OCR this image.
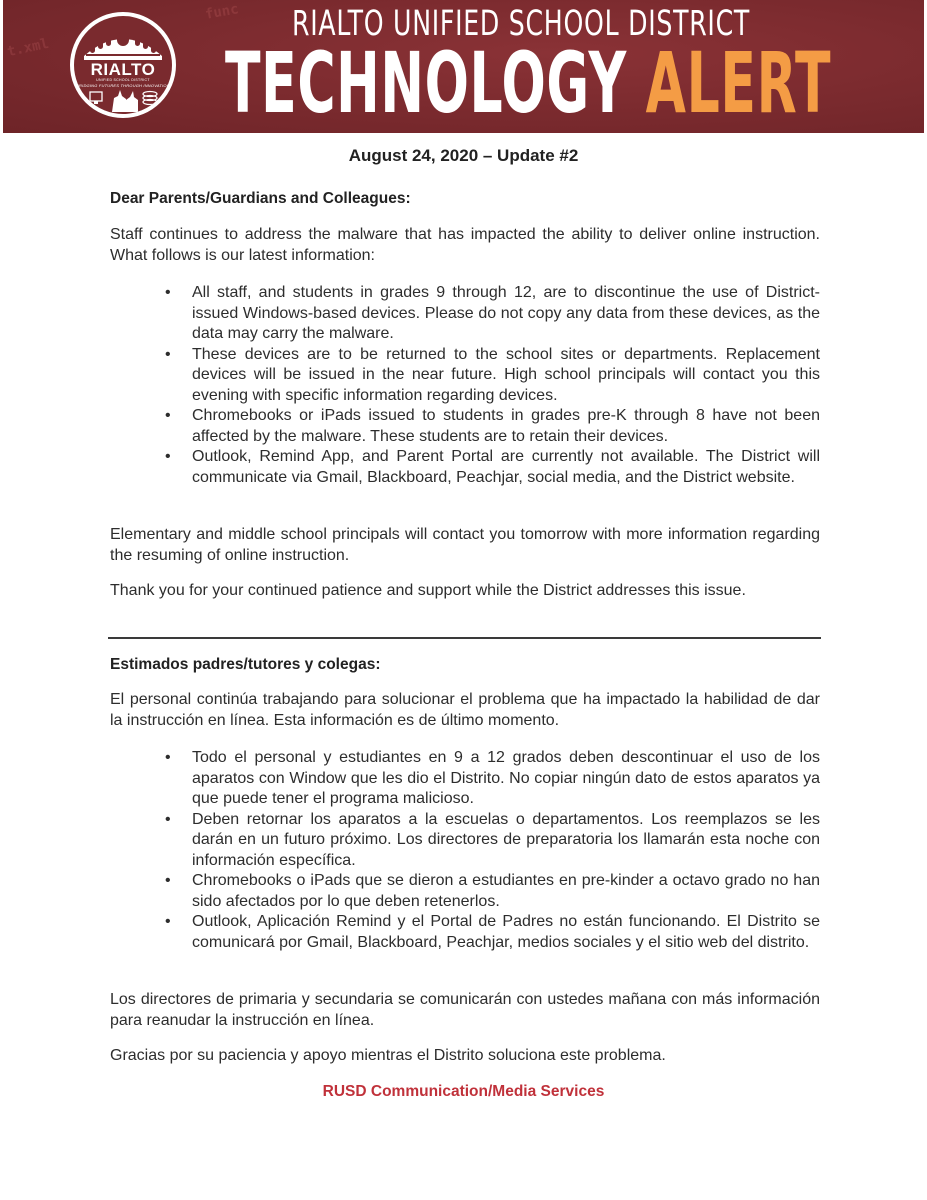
func
t.xml
RIALTO
UNIFIED SCHOOL DISTRICT
BRIDGING FUTURES THROUGH INNOVATION
RIALTO UNIFIED SCHOOL DISTRICT
TECHNOLOGY ALERT
August 24, 2020 – Update #2

Dear Parents/Guardians and Colleagues:

Staff continues to address the malware that has impacted the ability to deliver online instruction. What follows is our latest information:

• All staff, and students in grades 9 through 12, are to discontinue the use of District-issued Windows-based devices. Please do not copy any data from these devices, as the data may carry the malware.
• These devices are to be returned to the school sites or departments. Replacement devices will be issued in the near future. High school principals will contact you this evening with specific information regarding devices.
• Chromebooks or iPads issued to students in grades pre-K through 8 have not been affected by the malware. These students are to retain their devices.
• Outlook, Remind App, and Parent Portal are currently not available. The District will communicate via Gmail, Blackboard, Peachjar, social media, and the District website.

Elementary and middle school principals will contact you tomorrow with more information regarding the resuming of online instruction.

Thank you for your continued patience and support while the District addresses this issue.

Estimados padres/tutores y colegas:

El personal continúa trabajando para solucionar el problema que ha impactado la habilidad de dar la instrucción en línea. Esta información es de último momento.

• Todo el personal y estudiantes en 9 a 12 grados deben descontinuar el uso de los aparatos con Window que les dio el Distrito. No copiar ningún dato de estos aparatos ya que puede tener el programa malicioso.
• Deben retornar los aparatos a la escuelas o departamentos. Los reemplazos se les darán en un futuro próximo. Los directores de preparatoria los llamarán esta noche con información específica.
• Chromebooks o iPads que se dieron a estudiantes en pre-kinder a octavo grado no han sido afectados por lo que deben retenerlos.
• Outlook, Aplicación Remind y el Portal de Padres no están funcionando. El Distrito se comunicará por Gmail, Blackboard, Peachjar, medios sociales y el sitio web del distrito.

Los directores de primaria y secundaria se comunicarán con ustedes mañana con más información para reanudar la instrucción en línea.

Gracias por su paciencia y apoyo mientras el Distrito soluciona este problema.

RUSD Communication/Media Services
